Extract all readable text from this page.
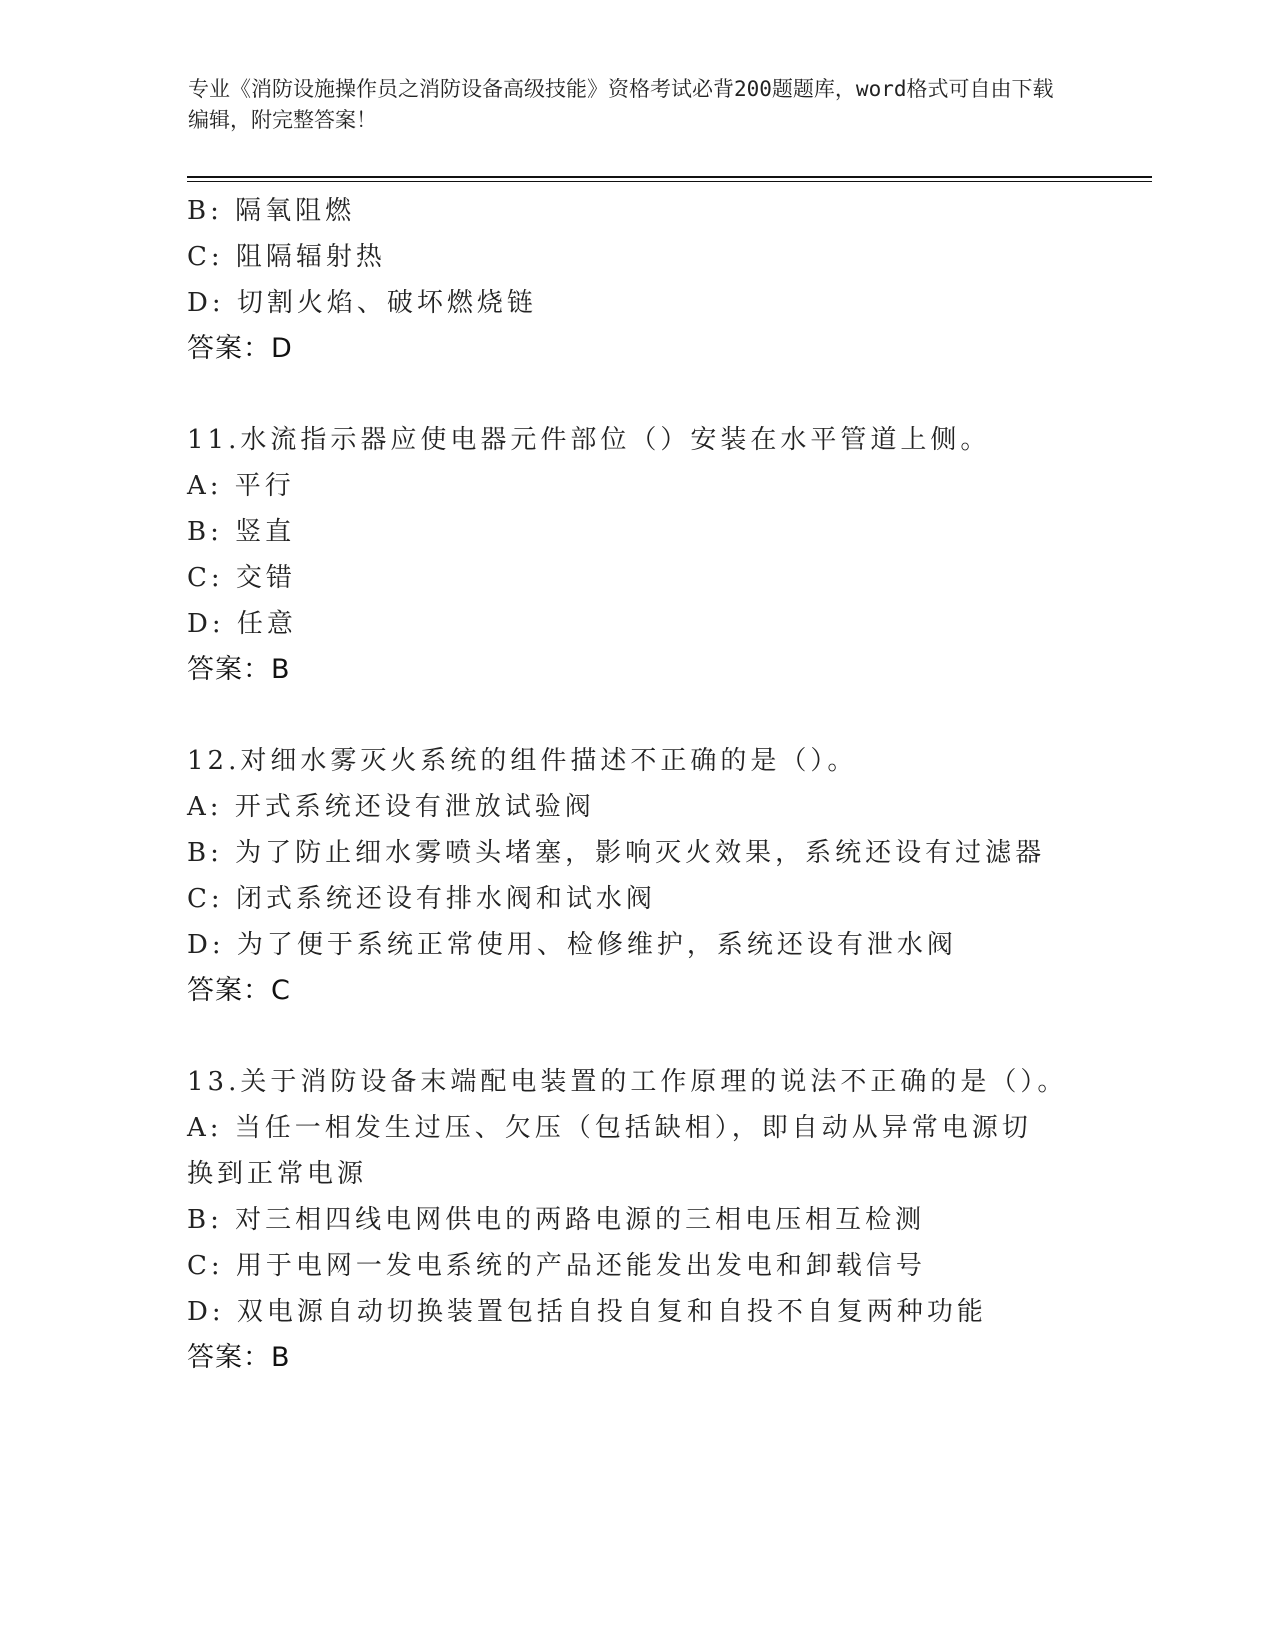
专业《消防设施操作员之消防设备高级技能》资格考试必背200题题库，word格式可自由下载编辑，附完整答案！
B: 隔氧阻燃
C: 阻隔辐射热
D: 切割火焰、破坏燃烧链
答案：D
11.水流指示器应使电器元件部位（）安装在水平管道上侧。
A: 平行
B: 竖直
C: 交错
D: 任意
答案：B
12.对细水雾灭火系统的组件描述不正确的是（）。
A: 开式系统还设有泄放试验阀
B: 为了防止细水雾喷头堵塞，影响灭火效果，系统还设有过滤器
C: 闭式系统还设有排水阀和试水阀
D: 为了便于系统正常使用、检修维护，系统还设有泄水阀
答案：C
13.关于消防设备末端配电装置的工作原理的说法不正确的是（）。
A: 当任一相发生过压、欠压（包括缺相），即自动从异常电源切换到正常电源
B: 对三相四线电网供电的两路电源的三相电压相互检测
C: 用于电网一发电系统的产品还能发出发电和卸载信号
D: 双电源自动切换装置包括自投自复和自投不自复两种功能
答案：B
